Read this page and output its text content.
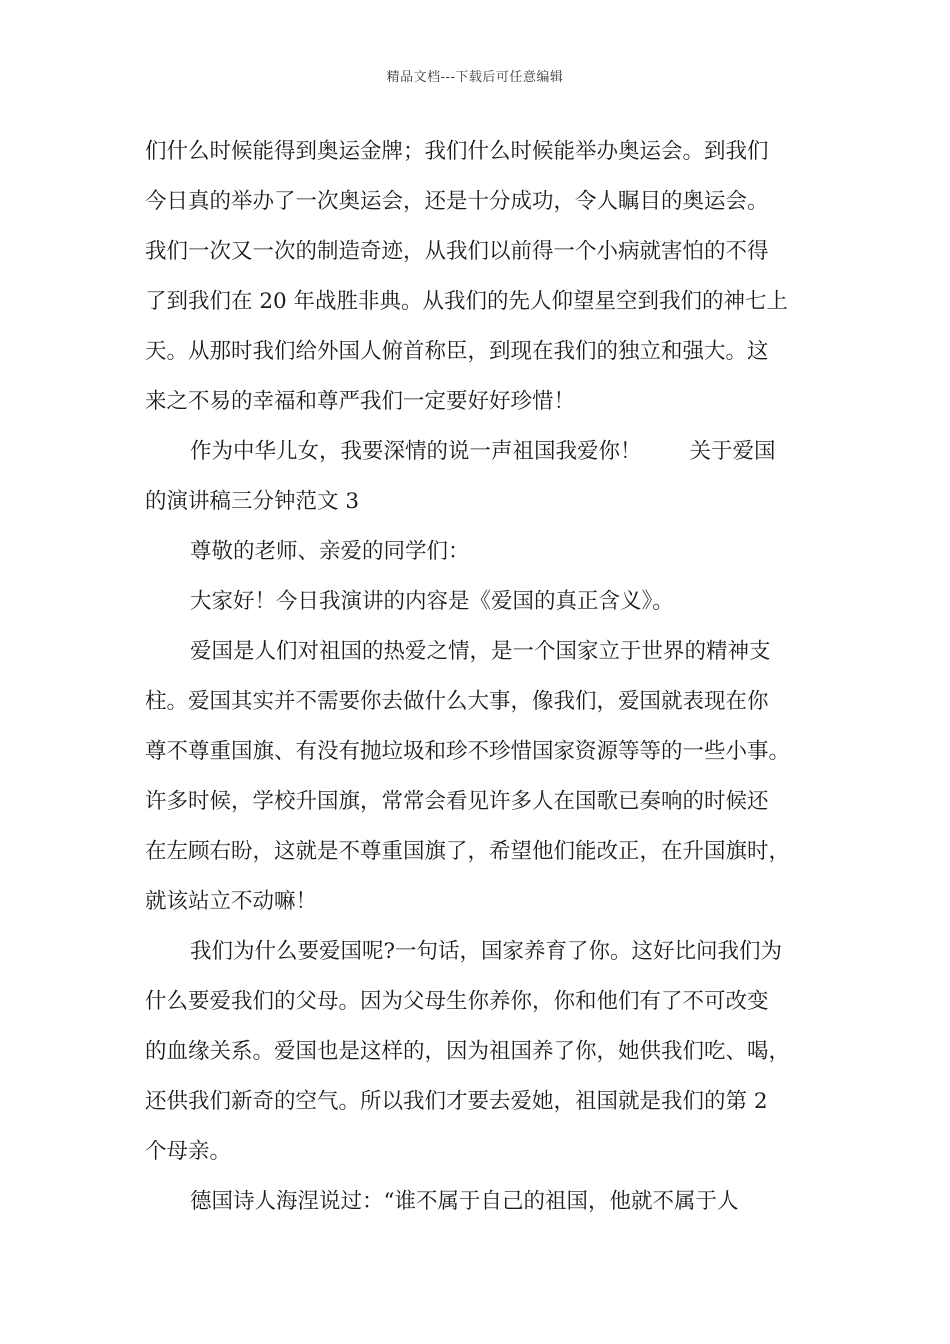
精品文档---下载后可任意编辑
们什么时候能得到奥运金牌；我们什么时候能举办奥运会。到我们
今日真的举办了一次奥运会，还是十分成功，令人瞩目的奥运会。
我们一次又一次的制造奇迹，从我们以前得一个小病就害怕的不得
了到我们在 20 年战胜非典。从我们的先人仰望星空到我们的神七上
天。从那时我们给外国人俯首称臣，到现在我们的独立和强大。这
来之不易的幸福和尊严我们一定要好好珍惜！
作为中华儿女，我要深情的说一声祖国我爱你！ 关于爱国
的演讲稿三分钟范文 3
尊敬的老师、亲爱的同学们：
大家好！今日我演讲的内容是《爱国的真正含义》。
爱国是人们对祖国的热爱之情，是一个国家立于世界的精神支
柱。爱国其实并不需要你去做什么大事，像我们，爱国就表现在你
尊不尊重国旗、有没有抛垃圾和珍不珍惜国家资源等等的一些小事。
许多时候，学校升国旗，常常会看见许多人在国歌已奏响的时候还
在左顾右盼，这就是不尊重国旗了，希望他们能改正，在升国旗时，
就该站立不动嘛！
我们为什么要爱国呢?一句话，国家养育了你。这好比问我们为
什么要爱我们的父母。因为父母生你养你，你和他们有了不可改变
的血缘关系。爱国也是这样的，因为祖国养了你，她供我们吃、喝，
还供我们新奇的空气。所以我们才要去爱她，祖国就是我们的第 2
个母亲。
德国诗人海涅说过：“谁不属于自己的祖国，他就不属于人
